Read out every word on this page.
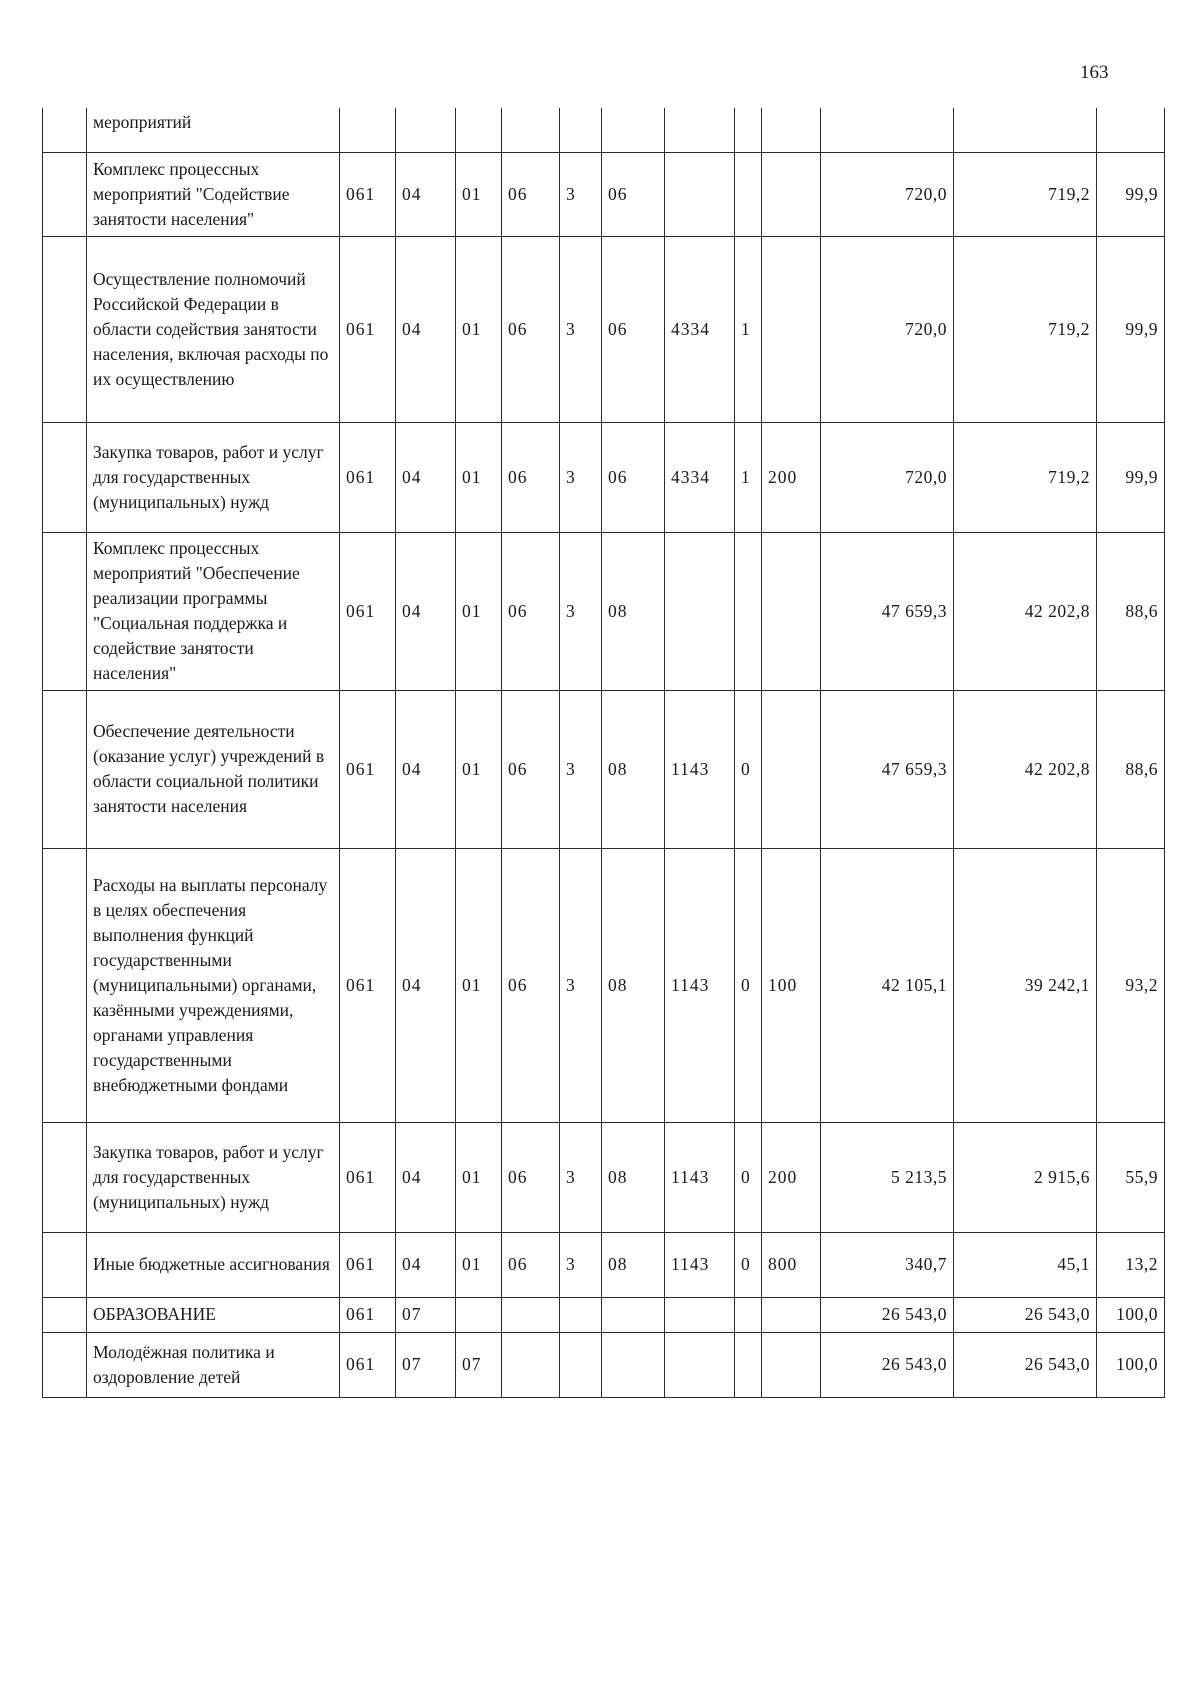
163
	мероприятий												
	Комплекс процессных мероприятий "Содействие занятости населения"	061	04	01	06	3	06				720,0	719,2	99,9
	Осуществление полномочий Российской Федерации в области содействия занятости населения, включая расходы по их осуществлению	061	04	01	06	3	06	4334	1		720,0	719,2	99,9
	Закупка товаров, работ и услуг для государственных (муниципальных) нужд	061	04	01	06	3	06	4334	1	200	720,0	719,2	99,9
	Комплекс процессных мероприятий "Обеспечение реализации программы "Социальная поддержка и содействие занятости населения"	061	04	01	06	3	08				47 659,3	42 202,8	88,6
	Обеспечение деятельности (оказание услуг) учреждений в области социальной политики занятости населения	061	04	01	06	3	08	1143	0		47 659,3	42 202,8	88,6
	Расходы на выплаты персоналу в целях обеспечения выполнения функций государственными (муниципальными) органами, казёнными учреждениями, органами управления государственными внебюджетными фондами	061	04	01	06	3	08	1143	0	100	42 105,1	39 242,1	93,2
	Закупка товаров, работ и услуг для государственных (муниципальных) нужд	061	04	01	06	3	08	1143	0	200	5 213,5	2 915,6	55,9
	Иные бюджетные ассигнования	061	04	01	06	3	08	1143	0	800	340,7	45,1	13,2
	ОБРАЗОВАНИЕ	061	07								26 543,0	26 543,0	100,0
	Молодёжная политика и оздоровление детей	061	07	07							26 543,0	26 543,0	100,0
